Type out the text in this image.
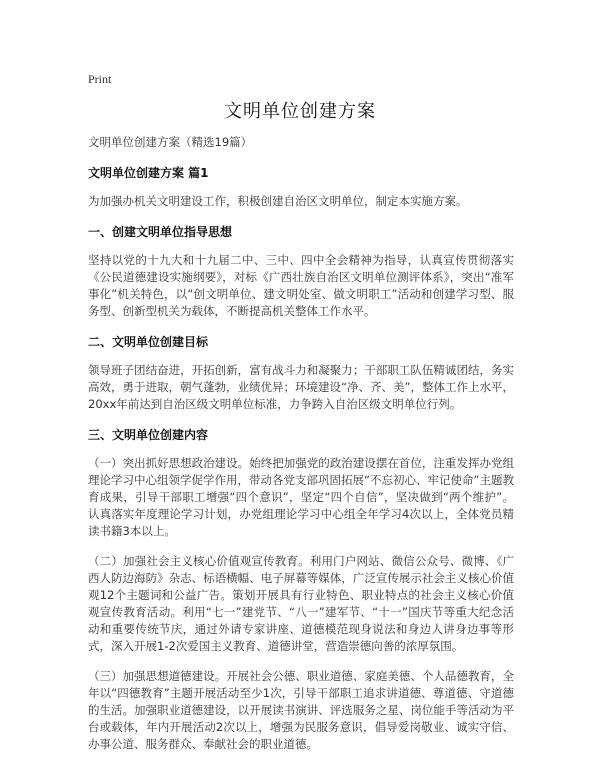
Print
文明单位创建方案

文明单位创建方案（精选19篇）

文明单位创建方案 篇1

为加强办机关文明建设工作，积极创建自治区文明单位，制定本实施方案。

一、创建文明单位指导思想

坚持以党的十九大和十九届二中、三中、四中全会精神为指导，认真宣传贯彻落实《公民道德建设实施纲要》，对标《广西壮族自治区文明单位测评体系》，突出“准军事化”机关特色，以“创文明单位、建文明处室、做文明职工”活动和创建学习型、服务型、创新型机关为载体，不断提高机关整体工作水平。

二、文明单位创建目标

领导班子团结奋进，开拓创新，富有战斗力和凝聚力；干部职工队伍精诚团结，务实高效，勇于进取，朝气蓬勃，业绩优异；环境建设“净、齐、美”，整体工作上水平，20xx年前达到自治区级文明单位标准，力争跨入自治区级文明单位行列。

三、文明单位创建内容

（一）突出抓好思想政治建设。始终把加强党的政治建设摆在首位，注重发挥办党组理论学习中心组领学促学作用，带动各党支部巩固拓展“不忘初心、牢记使命”主题教育成果，引导干部职工增强“四个意识”，坚定“四个自信”，坚决做到“两个维护”。认真落实年度理论学习计划，办党组理论学习中心组全年学习4次以上，全体党员精读书籍3本以上。

（二）加强社会主义核心价值观宣传教育。利用门户网站、微信公众号、微博、《广西人防边海防》杂志、标语横幅、电子屏幕等媒体，广泛宣传展示社会主义核心价值观12个主题词和公益广告。策划开展具有行业特色、职业特点的社会主义核心价值观宣传教育活动。利用“七一”建党节、“八一”建军节、“十一”国庆节等重大纪念活动和重要传统节庆，通过外请专家讲座、道德模范现身说法和身边人讲身边事等形式，深入开展1-2次爱国主义教育、道德讲堂，营造崇德向善的浓厚氛围。

（三）加强思想道德建设。开展社会公德、职业道德、家庭美德、个人品德教育，全年以“四德教育”主题开展活动至少1次，引导干部职工追求讲道德、尊道德、守道德的生活。加强职业道德建设，以开展读书演讲、评选服务之星、岗位能手等活动为平台或载体，年内开展活动2次以上，增强为民服务意识，倡导爱岗敬业、诚实守信、办事公道、服务群众、奉献社会的职业道德。
